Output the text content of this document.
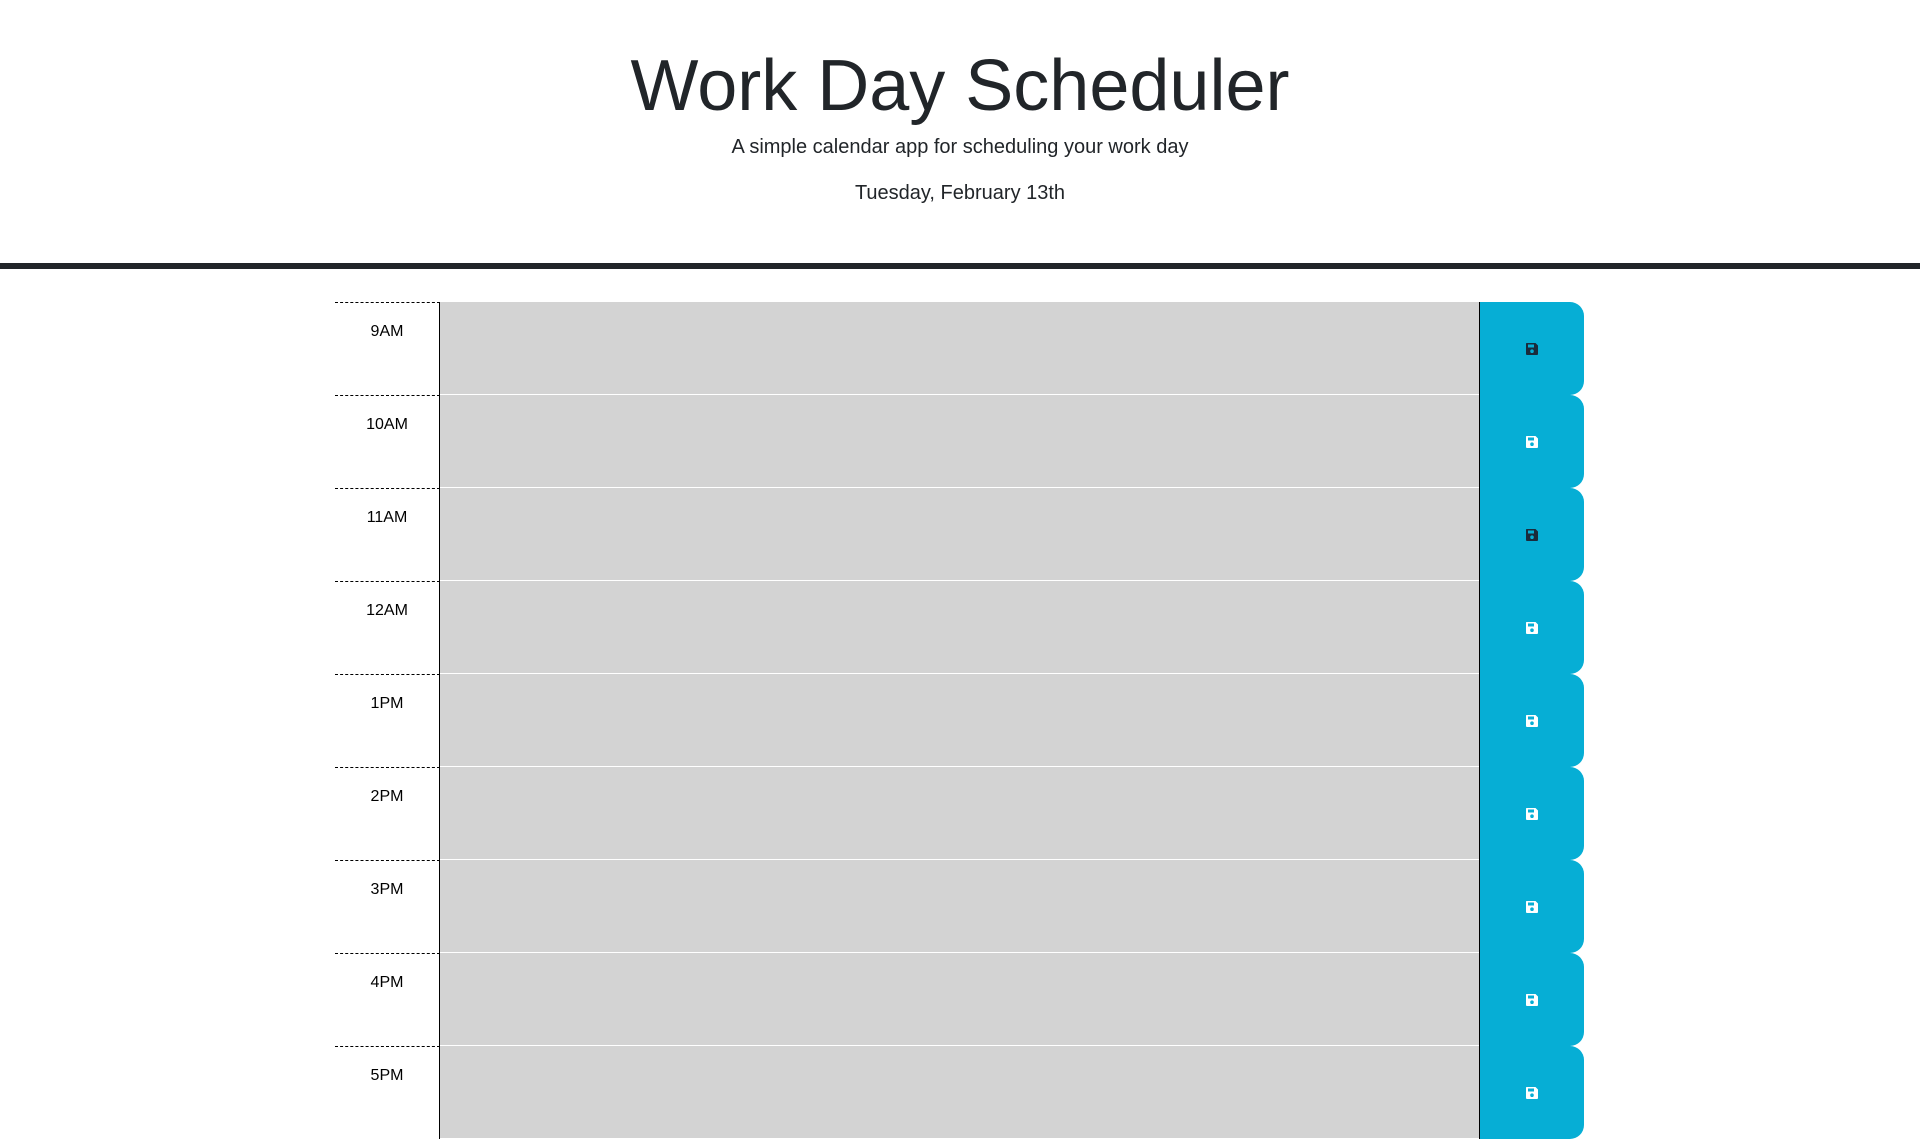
Work Day Scheduler

A simple calendar app for scheduling your work day

Tuesday, February 13th

9AM
10AM
11AM
12AM
1PM
2PM
3PM
4PM
5PM
